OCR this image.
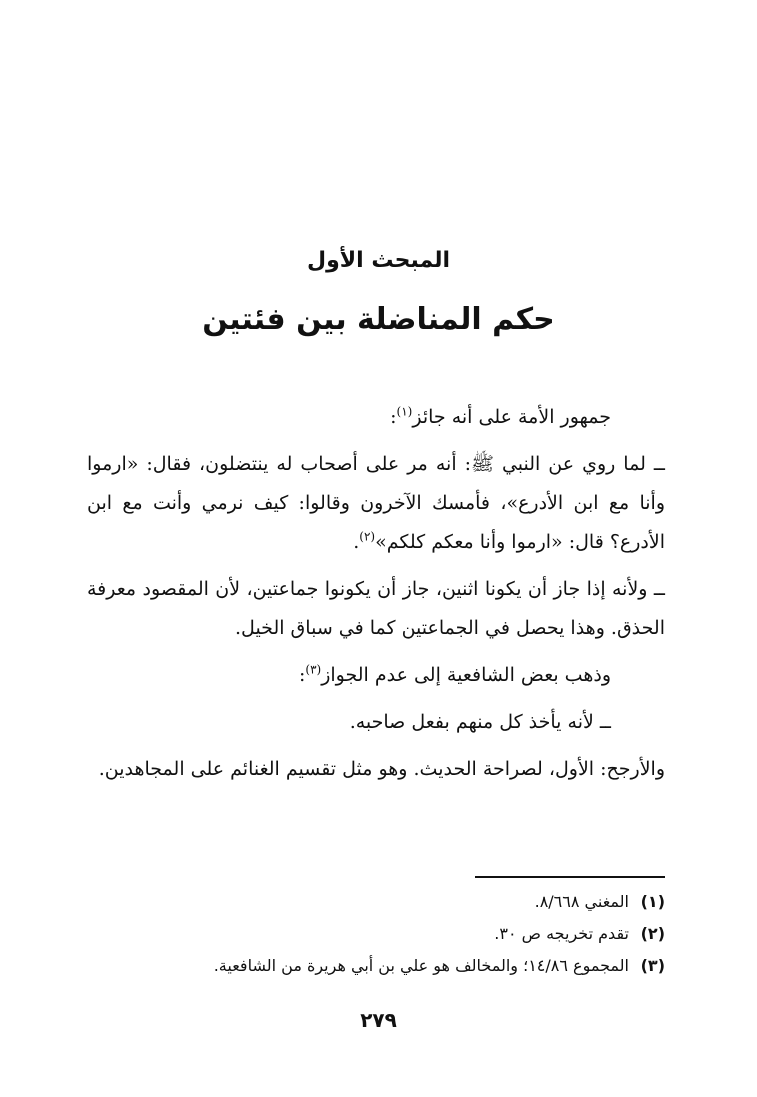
المبحث الأول
حكم المناضلة بين فئتين

جمهور الأمة على أنه جائز$^{(١)}$:

ــ لما روي عن النبي ﷺ: أنه مر على أصحاب له ينتضلون، فقال: «ارموا وأنا مع ابن الأدرع»، فأمسك الآخرون وقالوا: كيف نرمي وأنت مع ابن الأدرع؟ قال: «ارموا وأنا معكم كلكم»$^{(٢)}$.

ــ ولأنه إذا جاز أن يكونا اثنين، جاز أن يكونوا جماعتين، لأن المقصود معرفة الحذق. وهذا يحصل في الجماعتين كما في سباق الخيل.

وذهب بعض الشافعية إلى عدم الجواز$^{(٣)}$:

ــ لأنه يأخذ كل منهم بفعل صاحبه.

والأرجح: الأول، لصراحة الحديث. وهو مثل تقسيم الغنائم على المجاهدين.

(١)
المغني ٨/٦٦٨.
(٢)
تقدم تخريجه ص ٣٠.
(٣)
المجموع ١٤/٨٦؛ والمخالف هو علي بن أبي هريرة من الشافعية.
٢٧٩
